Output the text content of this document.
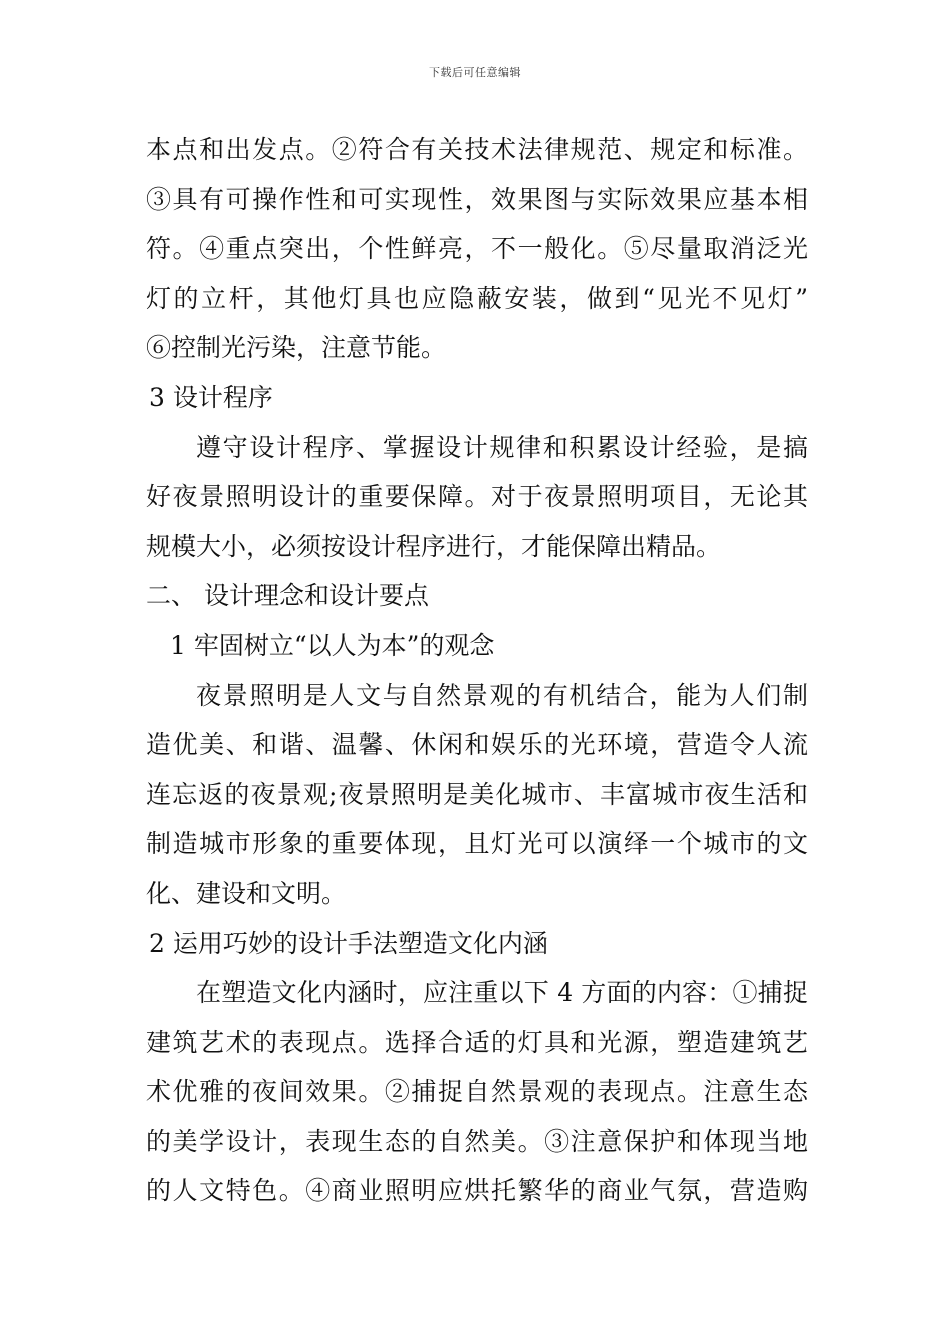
下载后可任意编辑
本点和出发点。②符合有关技术法律规范、规定和标准。
③具有可操作性和可实现性，效果图与实际效果应基本相
符。④重点突出，个性鲜亮，不一般化。⑤尽量取消泛光
灯的立杆，其他灯具也应隐蔽安装，做到“见光不见灯”
⑥控制光污染，注意节能。
3 设计程序
遵守设计程序、掌握设计规律和积累设计经验，是搞
好夜景照明设计的重要保障。对于夜景照明项目，无论其
规模大小，必须按设计程序进行，才能保障出精品。
二、 设计理念和设计要点
1 牢固树立“以人为本”的观念
夜景照明是人文与自然景观的有机结合，能为人们制
造优美、和谐、温馨、休闲和娱乐的光环境，营造令人流
连忘返的夜景观;夜景照明是美化城市、丰富城市夜生活和
制造城市形象的重要体现，且灯光可以演绎一个城市的文
化、建设和文明。
2 运用巧妙的设计手法塑造文化内涵
在塑造文化内涵时，应注重以下 4 方面的内容：①捕捉
建筑艺术的表现点。选择合适的灯具和光源，塑造建筑艺
术优雅的夜间效果。②捕捉自然景观的表现点。注意生态
的美学设计，表现生态的自然美。③注意保护和体现当地
的人文特色。④商业照明应烘托繁华的商业气氛，营造购
